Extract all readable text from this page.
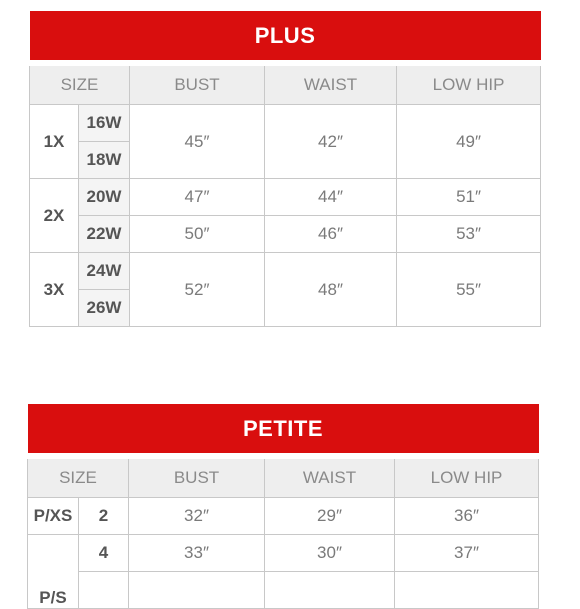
PLUS				
SIZE		BUST	WAIST	LOW HIP
1X	16W	45″	42″	49″
	18W			
2X	20W	47″	44″	51″
	22W	50″	46″	53″
3X	24W	52″	48″	55″
	26W			
PETITE				
SIZE		BUST	WAIST	LOW HIP
P/XS	2	32″	29″	36″
P/S	4	33″	30″	37″
